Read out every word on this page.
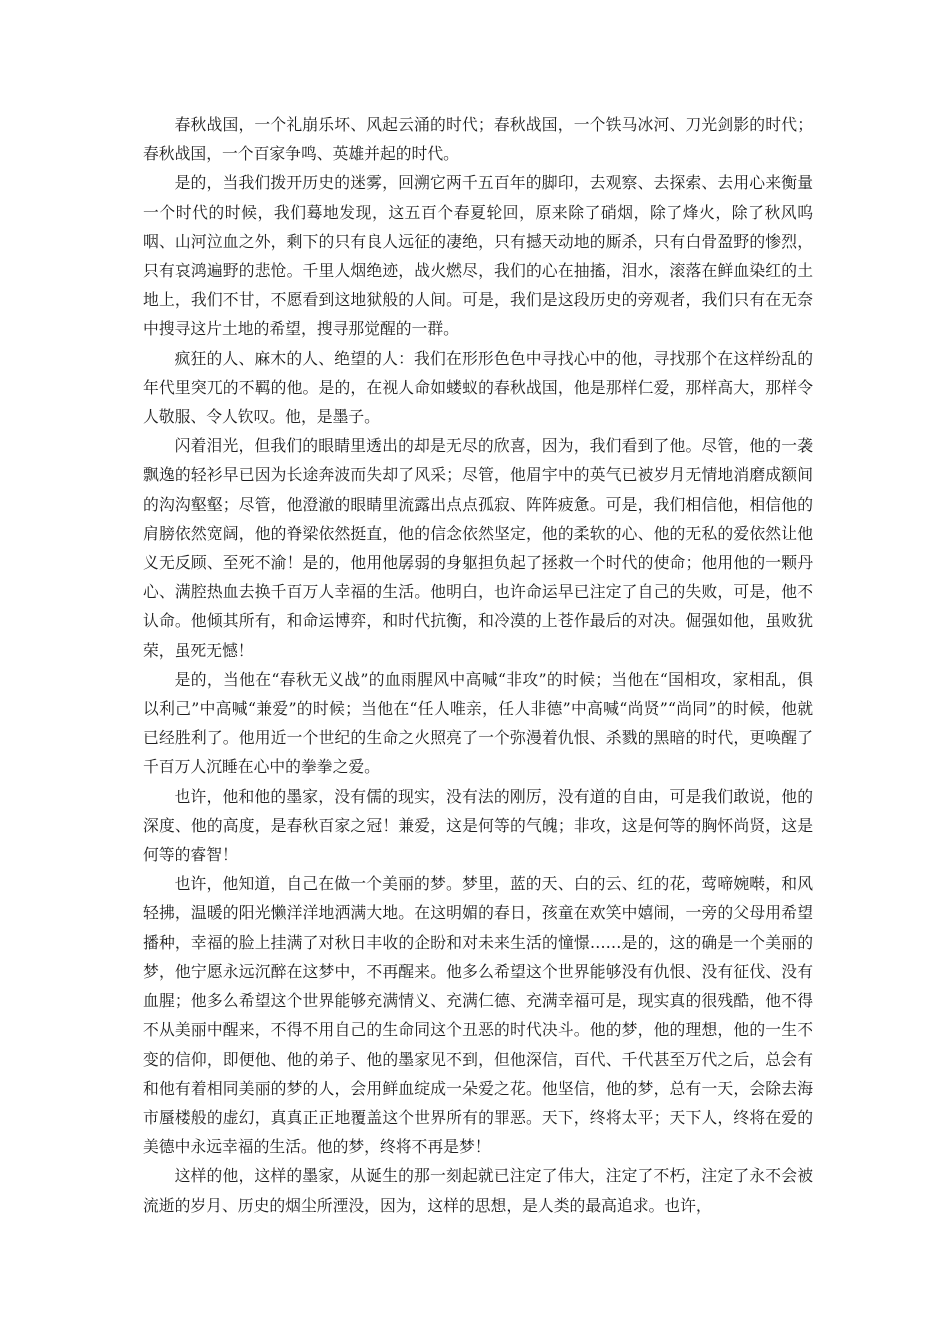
春秋战国，一个礼崩乐坏、风起云涌的时代；春秋战国，一个铁马冰河、刀光剑影的时代；春秋战国，一个百家争鸣、英雄并起的时代。

是的，当我们拨开历史的迷雾，回溯它两千五百年的脚印，去观察、去探索、去用心来衡量一个时代的时候，我们蓦地发现，这五百个春夏轮回，原来除了硝烟，除了烽火，除了秋风呜咽、山河泣血之外，剩下的只有良人远征的凄绝，只有撼天动地的厮杀，只有白骨盈野的惨烈，只有哀鸿遍野的悲怆。千里人烟绝迹，战火燃尽，我们的心在抽搐，泪水，滚落在鲜血染红的土地上，我们不甘，不愿看到这地狱般的人间。可是，我们是这段历史的旁观者，我们只有在无奈中搜寻这片土地的希望，搜寻那觉醒的一群。

疯狂的人、麻木的人、绝望的人：我们在形形色色中寻找心中的他，寻找那个在这样纷乱的年代里突兀的不羁的他。是的，在视人命如蝼蚁的春秋战国，他是那样仁爱，那样高大，那样令人敬服、令人钦叹。他，是墨子。

闪着泪光，但我们的眼睛里透出的却是无尽的欣喜，因为，我们看到了他。尽管，他的一袭飘逸的轻衫早已因为长途奔波而失却了风采；尽管，他眉宇中的英气已被岁月无情地消磨成额间的沟沟壑壑；尽管，他澄澈的眼睛里流露出点点孤寂、阵阵疲惫。可是，我们相信他，相信他的肩膀依然宽阔，他的脊梁依然挺直，他的信念依然坚定，他的柔软的心、他的无私的爱依然让他义无反顾、至死不渝！是的，他用他孱弱的身躯担负起了拯救一个时代的使命；他用他的一颗丹心、满腔热血去换千百万人幸福的生活。他明白，也许命运早已注定了自己的失败，可是，他不认命。他倾其所有，和命运博弈，和时代抗衡，和冷漠的上苍作最后的对决。倔强如他，虽败犹荣，虽死无憾！

是的，当他在“春秋无义战”的血雨腥风中高喊“非攻”的时候；当他在“国相攻，家相乱，俱以利己”中高喊“兼爱”的时候；当他在“任人唯亲，任人非德”中高喊“尚贤”“尚同”的时候，他就已经胜利了。他用近一个世纪的生命之火照亮了一个弥漫着仇恨、杀戮的黑暗的时代，更唤醒了千百万人沉睡在心中的拳拳之爱。

也许，他和他的墨家，没有儒的现实，没有法的刚厉，没有道的自由，可是我们敢说，他的深度、他的高度，是春秋百家之冠！兼爱，这是何等的气魄；非攻，这是何等的胸怀尚贤，这是何等的睿智！

也许，他知道，自己在做一个美丽的梦。梦里，蓝的天、白的云、红的花，莺啼婉啭，和风轻拂，温暖的阳光懒洋洋地洒满大地。在这明媚的春日，孩童在欢笑中嬉闹，一旁的父母用希望播种，幸福的脸上挂满了对秋日丰收的企盼和对未来生活的憧憬……是的，这的确是一个美丽的梦，他宁愿永远沉醉在这梦中，不再醒来。他多么希望这个世界能够没有仇恨、没有征伐、没有血腥；他多么希望这个世界能够充满情义、充满仁德、充满幸福可是，现实真的很残酷，他不得不从美丽中醒来，不得不用自己的生命同这个丑恶的时代决斗。他的梦，他的理想，他的一生不变的信仰，即便他、他的弟子、他的墨家见不到，但他深信，百代、千代甚至万代之后，总会有和他有着相同美丽的梦的人，会用鲜血绽成一朵爱之花。他坚信，他的梦，总有一天，会除去海市蜃楼般的虚幻，真真正正地覆盖这个世界所有的罪恶。天下，终将太平；天下人，终将在爱的美德中永远幸福的生活。他的梦，终将不再是梦！

这样的他，这样的墨家，从诞生的那一刻起就已注定了伟大，注定了不朽，注定了永不会被流逝的岁月、历史的烟尘所湮没，因为，这样的思想，是人类的最高追求。也许，
